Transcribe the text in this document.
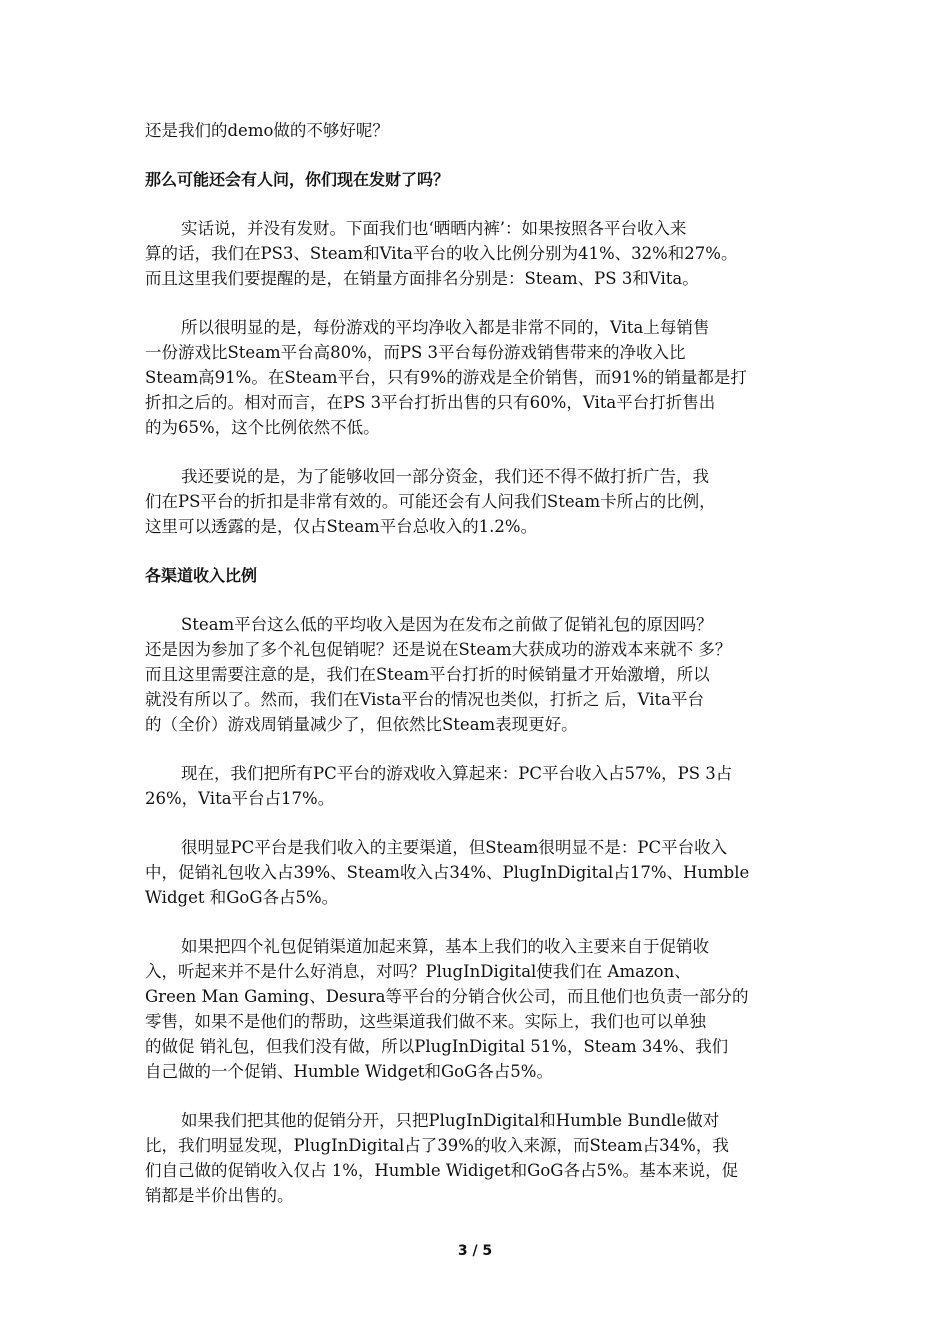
还是我们的demo做的不够好呢？
那么可能还会有人问，你们现在发财了吗？
实话说，并没有发财。下面我们也‘晒晒内裤’：如果按照各平台收入来
算的话，我们在PS3、Steam和Vita平台的收入比例分别为41%、32%和27%。
而且这里我们要提醒的是，在销量方面排名分别是：Steam、PS 3和Vita。
所以很明显的是，每份游戏的平均净收入都是非常不同的，Vita上每销售
一份游戏比Steam平台高80%，而PS 3平台每份游戏销售带来的净收入比
Steam高91%。在Steam平台，只有9%的游戏是全价销售，而91%的销量都是打
折扣之后的。相对而言，在PS 3平台打折出售的只有60%，Vita平台打折售出
的为65%，这个比例依然不低。
我还要说的是，为了能够收回一部分资金，我们还不得不做打折广告，我
们在PS平台的折扣是非常有效的。可能还会有人问我们Steam卡所占的比例，
这里可以透露的是，仅占Steam平台总收入的1.2%。
各渠道收入比例
Steam平台这么低的平均收入是因为在发布之前做了促销礼包的原因吗？
还是因为参加了多个礼包促销呢？还是说在Steam大获成功的游戏本来就不 多？
而且这里需要注意的是，我们在Steam平台打折的时候销量才开始激增，所以
就没有所以了。然而，我们在Vista平台的情况也类似，打折之 后，Vita平台
的（全价）游戏周销量减少了，但依然比Steam表现更好。
现在，我们把所有PC平台的游戏收入算起来：PC平台收入占57%，PS 3占
26%，Vita平台占17%。
很明显PC平台是我们收入的主要渠道，但Steam很明显不是：PC平台收入
中，促销礼包收入占39%、Steam收入占34%、PlugInDigital占17%、Humble
Widget 和GoG各占5%。
如果把四个礼包促销渠道加起来算，基本上我们的收入主要来自于促销收
入，听起来并不是什么好消息，对吗？PlugInDigital使我们在 Amazon、
Green Man Gaming、Desura等平台的分销合伙公司，而且他们也负责一部分的
零售，如果不是他们的帮助，这些渠道我们做不来。实际上，我们也可以单独
的做促 销礼包，但我们没有做，所以PlugInDigital 51%，Steam 34%、我们
自己做的一个促销、Humble Widget和GoG各占5%。
如果我们把其他的促销分开，只把PlugInDigital和Humble Bundle做对
比，我们明显发现，PlugInDigital占了39%的收入来源，而Steam占34%，我
们自己做的促销收入仅占 1%，Humble Widiget和GoG各占5%。基本来说，促
销都是半价出售的。
3 / 5
